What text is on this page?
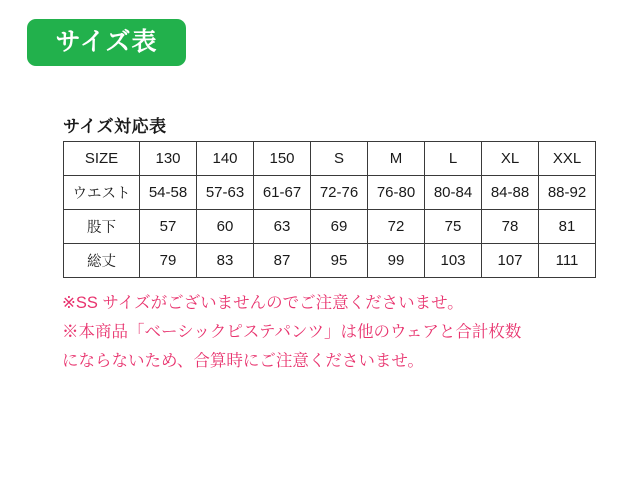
サイズ表
サイズ対応表
SIZE	130	140	150	S	M	L	XL	XXL
ウエスト	54-58	57-63	61-67	72-76	76-80	80-84	84-88	88-92
股下	57	60	63	69	72	75	78	81
総丈	79	83	87	95	99	103	107	111
※SS サイズがございませんのでご注意くださいませ。
※本商品「ベーシックピステパンツ」は他のウェアと合計枚数
にならないため、合算時にご注意くださいませ。
